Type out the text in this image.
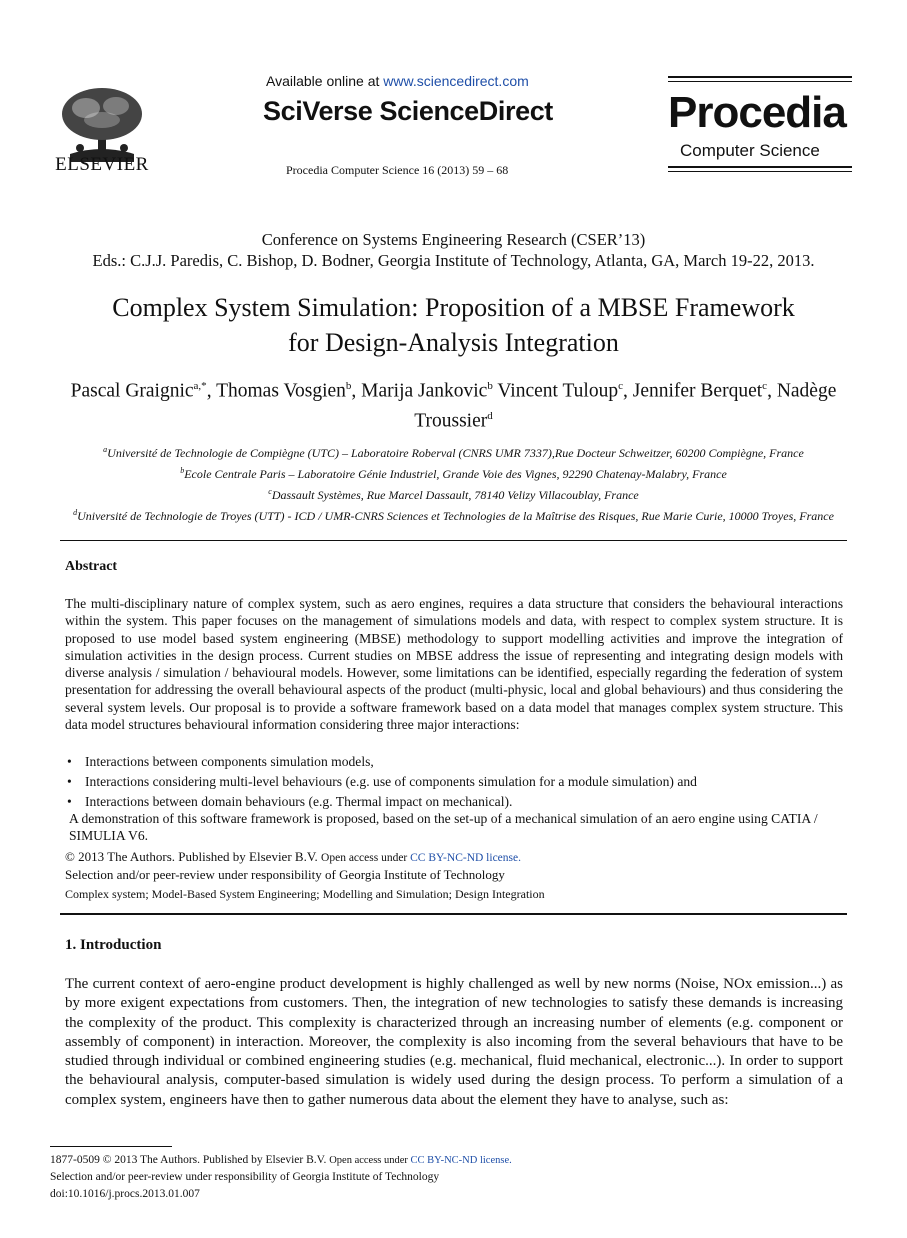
ELSEVIER
Available online at www.sciencedirect.com
SciVerse ScienceDirect
Procedia Computer Science 16 (2013) 59 – 68
Procedia
Computer Science
Conference on Systems Engineering Research (CSER’13)
Eds.: C.J.J. Paredis, C. Bishop, D. Bodner, Georgia Institute of Technology, Atlanta, GA, March 19-22, 2013.
Complex System Simulation: Proposition of a MBSE Framework
for Design-Analysis Integration
Pascal Graignic$^{a,*}$, Thomas Vosgien$^b$, Marija Jankovic$^b$ Vincent Tuloup$^c$, Jennifer Berquet$^c$, Nadège Troussier$^d$
$^a$Université de Technologie de Compiègne (UTC) – Laboratoire Roberval (CNRS UMR 7337),Rue Docteur Schweitzer, 60200 Compiègne, France
$^b$Ecole Centrale Paris – Laboratoire Génie Industriel, Grande Voie des Vignes, 92290 Chatenay-Malabry, France
$^c$Dassault Systèmes, Rue Marcel Dassault, 78140 Velizy Villacoublay, France
$^d$Université de Technologie de Troyes (UTT) - ICD / UMR-CNRS Sciences et Technologies de la Maîtrise des Risques, Rue Marie Curie, 10000 Troyes, France
Abstract
The multi-disciplinary nature of complex system, such as aero engines, requires a data structure that considers the behavioural interactions within the system. This paper focuses on the management of simulations models and data, with respect to complex system structure. It is proposed to use model based system engineering (MBSE) methodology to support modelling activities and improve the integration of simulation activities in the design process. Current studies on MBSE address the issue of representing and integrating design models with diverse analysis / simulation / behavioural models. However, some limitations can be identified, especially regarding the federation of system presentation for addressing the overall behavioural aspects of the product (multi-physic, local and global behaviours) and thus considering the several system levels. Our proposal is to provide a software framework based on a data model that manages complex system structure. This data model structures behavioural information considering three major interactions:
• Interactions between components simulation models,
• Interactions considering multi-level behaviours (e.g. use of components simulation for a module simulation) and
• Interactions between domain behaviours (e.g. Thermal impact on mechanical).
A demonstration of this software framework is proposed, based on the set-up of a mechanical simulation of an aero engine using CATIA / SIMULIA V6.
© 2013 The Authors. Published by Elsevier B.V. Open access under CC BY-NC-ND license.
Selection and/or peer-review under responsibility of Georgia Institute of Technology
Complex system; Model-Based System Engineering; Modelling and Simulation; Design Integration
1. Introduction
The current context of aero-engine product development is highly challenged as well by new norms (Noise, NOx emission...) as by more exigent expectations from customers. Then, the integration of new technologies to satisfy these demands is increasing the complexity of the product. This complexity is characterized through an increasing number of elements (e.g. component or assembly of component) in interaction. Moreover, the complexity is also incoming from the several behaviours that have to be studied through individual or combined engineering studies (e.g. mechanical, fluid mechanical, electronic...). In order to support the behavioural analysis, computer-based simulation is widely used during the design process. To perform a simulation of a complex system, engineers have then to gather numerous data about the element they have to analyse, such as:
1877-0509 © 2013 The Authors. Published by Elsevier B.V. Open access under CC BY-NC-ND license.
Selection and/or peer-review under responsibility of Georgia Institute of Technology
doi:10.1016/j.procs.2013.01.007
